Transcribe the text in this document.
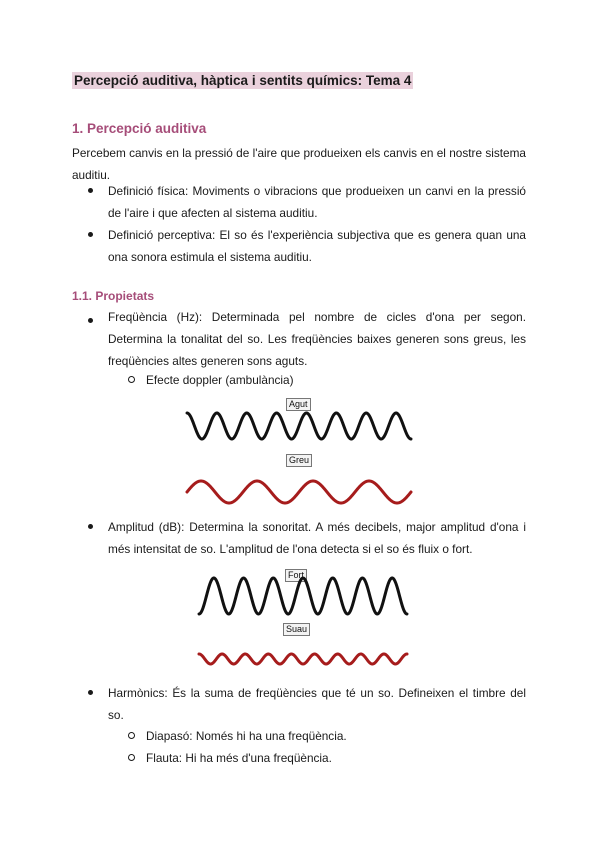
Percepció auditiva, hàptica i sentits químics: Tema 4
1. Percepció auditiva

Percebem canvis en la pressió de l'aire que produeixen els canvis en el nostre sistema auditiu.

Definició física: Moviments o vibracions que produeixen un canvi en la pressió de l'aire i que afecten al sistema auditiu.

Definició perceptiva: El so és l'experiència subjectiva que es genera quan una ona sonora estimula el sistema auditiu.

1.1. Propietats

Freqüència (Hz): Determinada pel nombre de cicles d'ona per segon. Determina la tonalitat del so. Les freqüències baixes generen sons greus, les freqüències altes generen sons aguts.

Efecte doppler (ambulància)

Agut
Greu

Amplitud (dB): Determina la sonoritat. A més decibels, major amplitud d'ona i més intensitat de so. L'amplitud de l'ona detecta si el so és fluix o fort.

Fort
Suau

Harmònics: És la suma de freqüències que té un so. Defineixen el timbre del so.

Diapasó: Només hi ha una freqüència.

Flauta: Hi ha més d'una freqüència.
